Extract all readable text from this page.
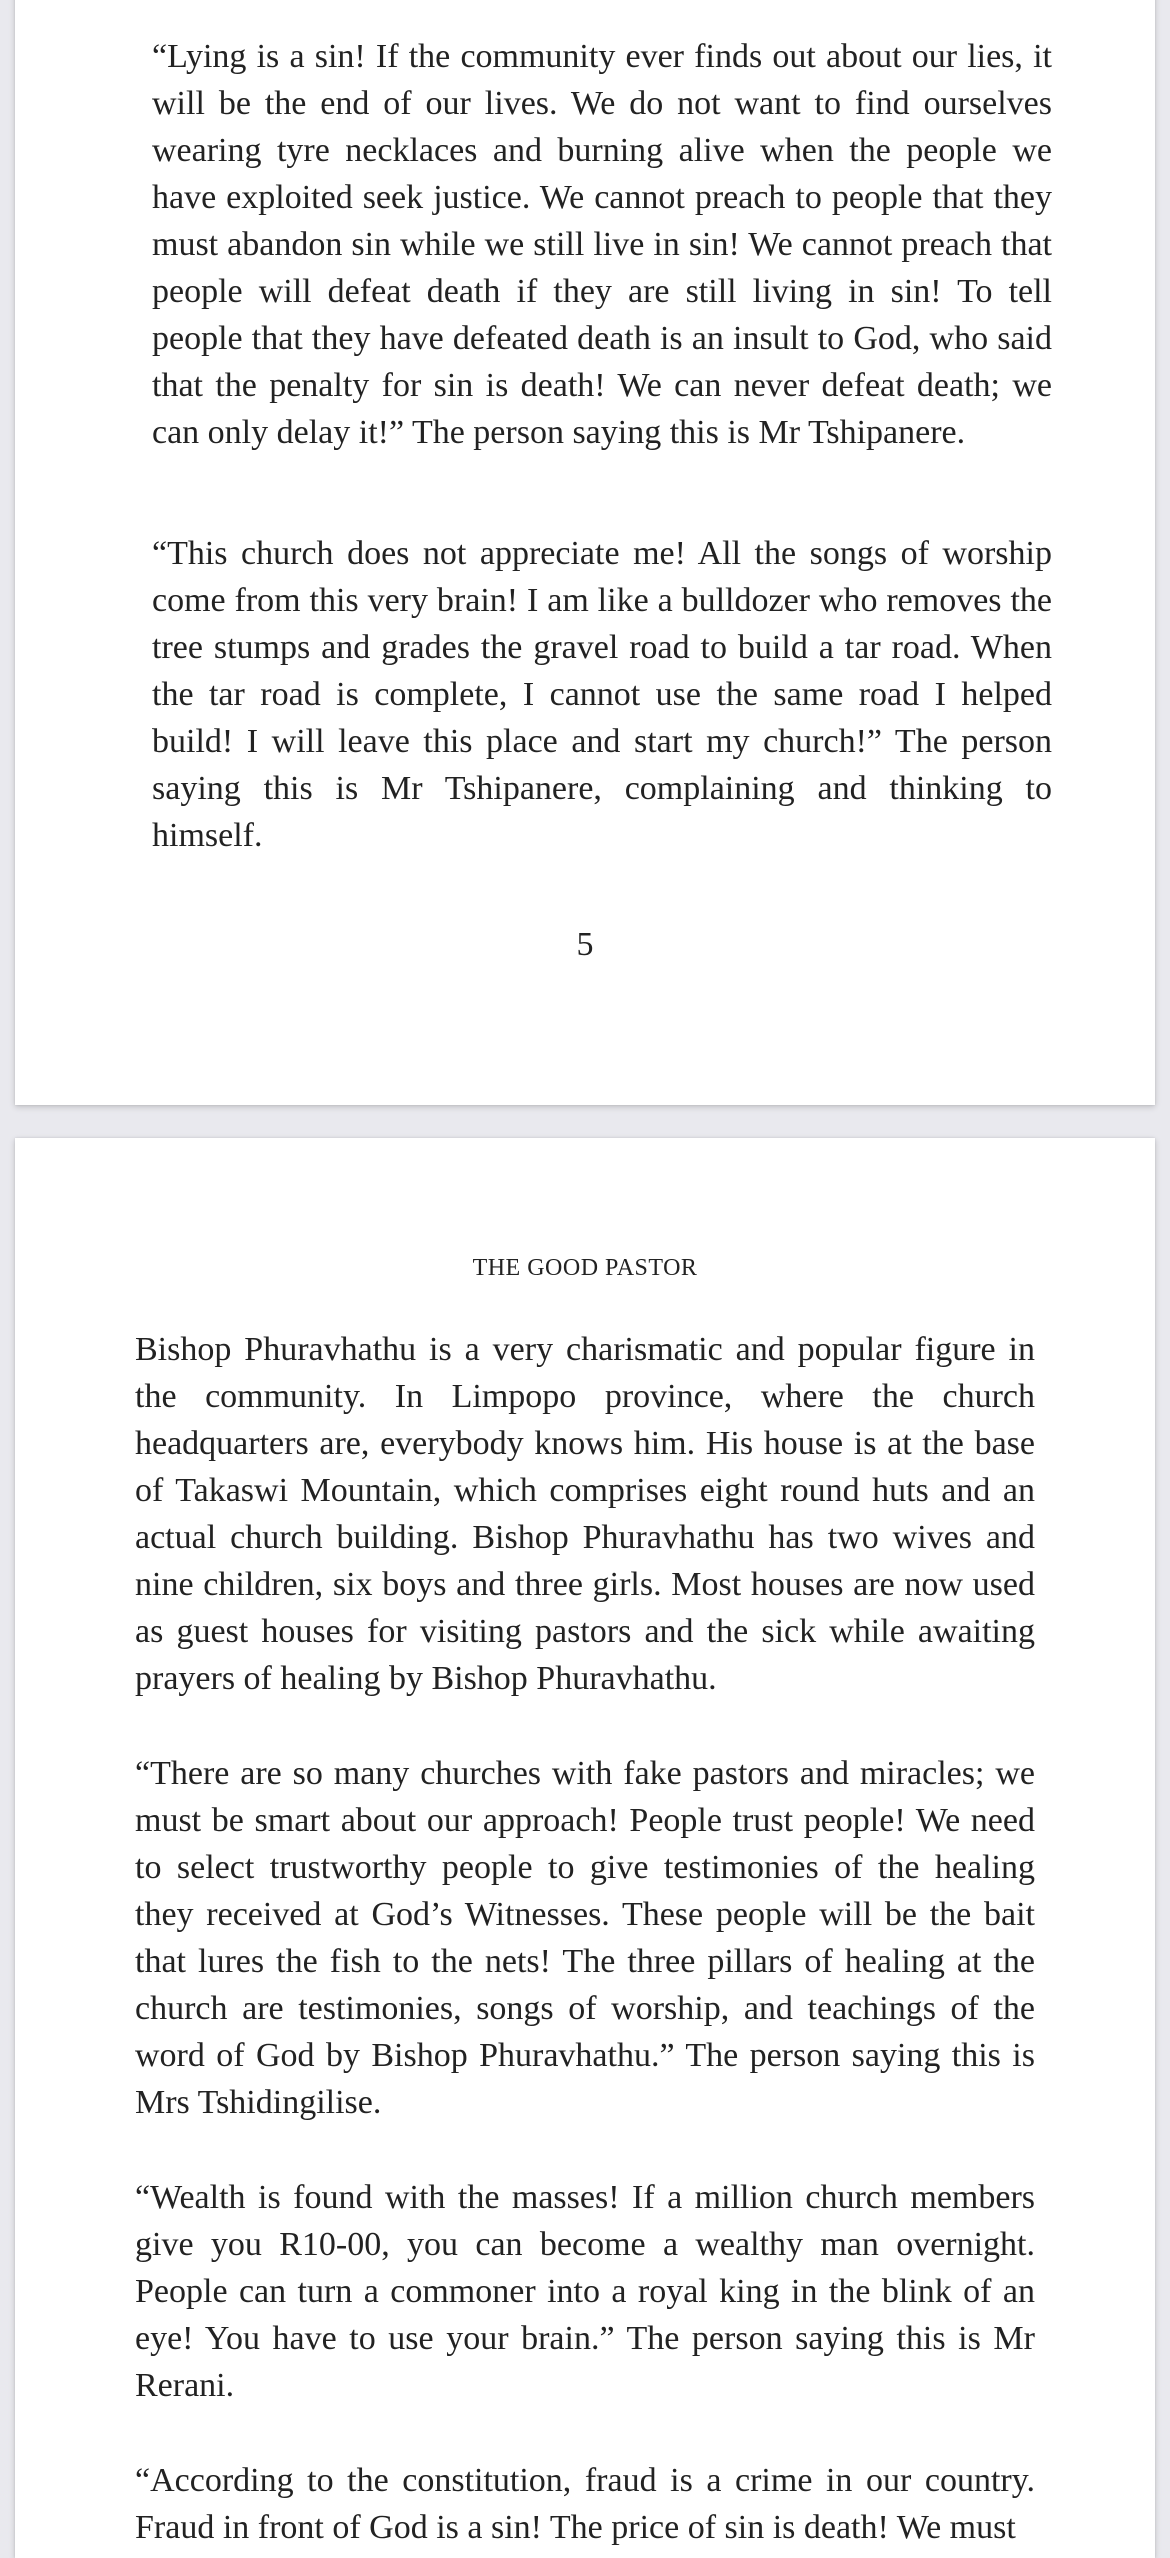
“Lying is a sin! If the community ever finds out about our lies, it will be the end of our lives. We do not want to find ourselves wearing tyre necklaces and burning alive when the people we have exploited seek justice. We cannot preach to people that they must abandon sin while we still live in sin! We cannot preach that people will defeat death if they are still living in sin! To tell people that they have defeated death is an insult to God, who said that the penalty for sin is death! We can never defeat death; we can only delay it!” The person saying this is Mr Tshipanere.

“This church does not appreciate me! All the songs of worship come from this very brain! I am like a bulldozer who removes the tree stumps and grades the gravel road to build a tar road. When the tar road is complete, I cannot use the same road I helped build! I will leave this place and start my church!” The person saying this is Mr Tshipanere, complaining and thinking to himself.

5
THE GOOD PASTOR

Bishop Phuravhathu is a very charismatic and popular figure in the community. In Limpopo province, where the church headquarters are, everybody knows him. His house is at the base of Takaswi Mountain, which comprises eight round huts and an actual church building. Bishop Phuravhathu has two wives and nine children, six boys and three girls. Most houses are now used as guest houses for visiting pastors and the sick while awaiting prayers of healing by Bishop Phuravhathu.

“There are so many churches with fake pastors and miracles; we must be smart about our approach! People trust people! We need to select trustworthy people to give testimonies of the healing they received at God’s Witnesses. These people will be the bait that lures the fish to the nets! The three pillars of healing at the church are testimonies, songs of worship, and teachings of the word of God by Bishop Phuravhathu.” The person saying this is Mrs Tshidingilise.

“Wealth is found with the masses! If a million church members give you R10-00, you can become a wealthy man overnight. People can turn a commoner into a royal king in the blink of an eye! You have to use your brain.” The person saying this is Mr Rerani.

“According to the constitution, fraud is a crime in our country. Fraud in front of God is a sin! The price of sin is death! We must
